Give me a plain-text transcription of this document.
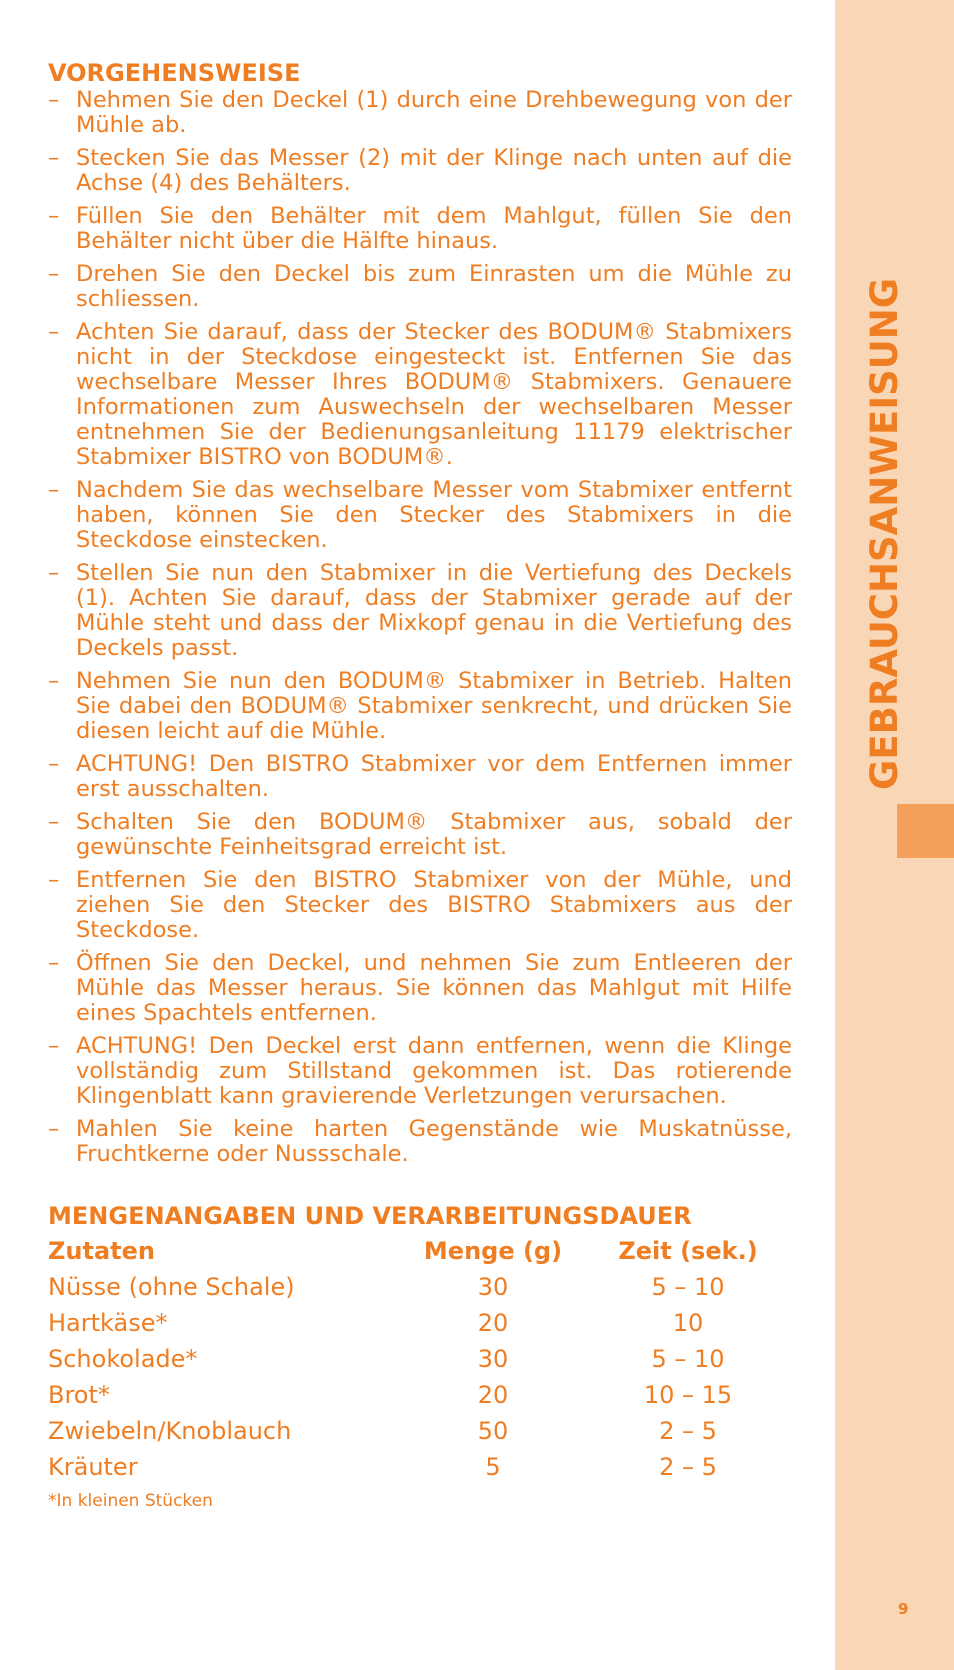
GEBRAUCHSANWEISUNG
9
VORGEHENSWEISE
– Nehmen Sie den Deckel (1) durch eine Drehbewegung von der Mühle ab.
– Stecken Sie das Messer (2) mit der Klinge nach unten auf die Achse (4) des Behälters.
– Füllen Sie den Behälter mit dem Mahlgut, füllen Sie den Behälter nicht über die Hälfte hinaus.
– Drehen Sie den Deckel bis zum Einrasten um die Mühle zu schliessen.
– Achten Sie darauf, dass der Stecker des BODUM® Stabmixers nicht in der Steckdose eingesteckt ist. Entfernen Sie das wechselbare Messer Ihres BODUM® Stabmixers. Genauere Informationen zum Auswechseln der wechselbaren Messer entnehmen Sie der Bedienungsanleitung 11179 elektrischer Stabmixer BISTRO von BODUM®.
– Nachdem Sie das wechselbare Messer vom Stabmixer entfernt haben, können Sie den Stecker des Stabmixers in die Steckdose einstecken.
– Stellen Sie nun den Stabmixer in die Vertiefung des Deckels (1). Achten Sie darauf, dass der Stabmixer gerade auf der Mühle steht und dass der Mixkopf genau in die Vertiefung des Deckels passt.
– Nehmen Sie nun den BODUM® Stabmixer in Betrieb. Halten Sie dabei den BODUM® Stabmixer senkrecht, und drücken Sie diesen leicht auf die Mühle.
– ACHTUNG! Den BISTRO Stabmixer vor dem Entfernen immer erst ausschalten.
– Schalten Sie den BODUM® Stabmixer aus, sobald der gewünschte Feinheitsgrad erreicht ist.
– Entfernen Sie den BISTRO Stabmixer von der Mühle, und ziehen Sie den Stecker des BISTRO Stabmixers aus der Steckdose.
– Öffnen Sie den Deckel, und nehmen Sie zum Entleeren der Mühle das Messer heraus. Sie können das Mahlgut mit Hilfe eines Spachtels entfernen.
– ACHTUNG! Den Deckel erst dann entfernen, wenn die Klinge vollständig zum Stillstand gekommen ist. Das rotierende Klingenblatt kann gravierende Verletzungen verursachen.
– Mahlen Sie keine harten Gegenstände wie Muskatnüsse, Fruchtkerne oder Nussschale.
MENGENANGABEN UND VERARBEITUNGSDAUER
Zutaten	Menge (g)	Zeit (sek.)
Nüsse (ohne Schale)	30	5 – 10
Hartkäse*	20	10
Schokolade*	30	5 – 10
Brot*	20	10 – 15
Zwiebeln/Knoblauch	50	2 – 5
Kräuter	5	2 – 5
*In kleinen Stücken
